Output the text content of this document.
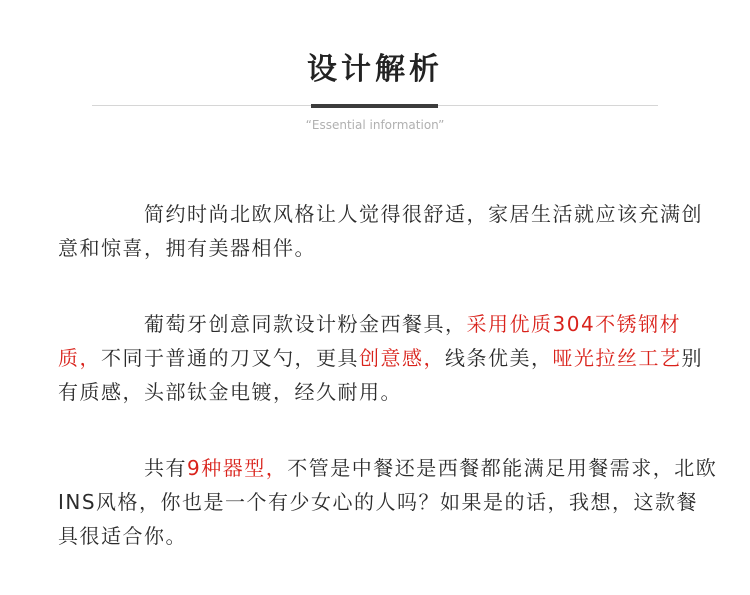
设计解析
“Essential information”

简约时尚北欧风格让人觉得很舒适，家居生活就应该充满创意和惊喜，拥有美器相伴。

葡萄牙创意同款设计粉金西餐具，采用优质304不锈钢材质，不同于普通的刀叉勺，更具创意感，线条优美，哑光拉丝工艺别有质感，头部钛金电镀，经久耐用。

共有9种器型，不管是中餐还是西餐都能满足用餐需求，北欧INS风格，你也是一个有少女心的人吗？如果是的话，我想，这款餐具很适合你。
